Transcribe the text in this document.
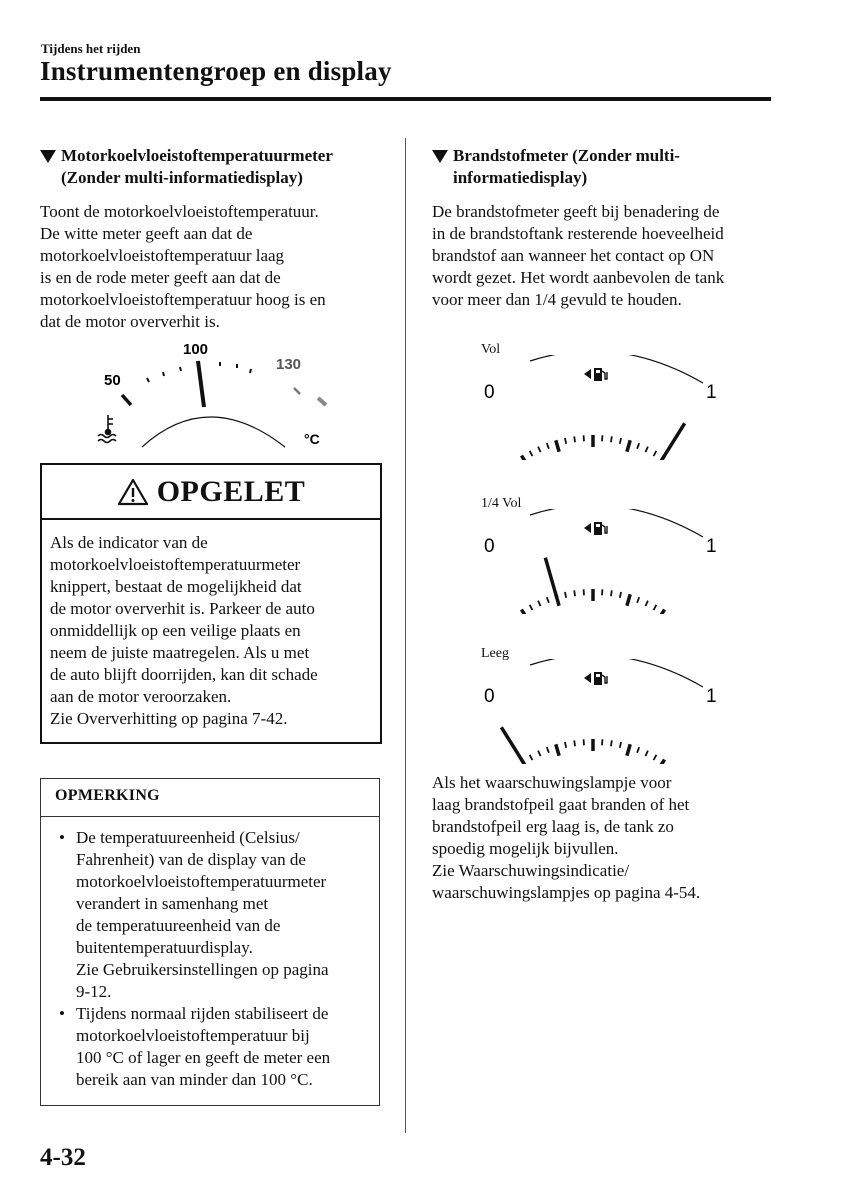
Tijdens het rijden
Instrumentengroep en display
Motorkoelvloeistoftemperatuurmeter
(Zonder multi-informatiedisplay)
Toont de motorkoelvloeistoftemperatuur.
De witte meter geeft aan dat de
motorkoelvloeistoftemperatuur laag
is en de rode meter geeft aan dat de
motorkoelvloeistoftemperatuur hoog is en
dat de motor oververhit is.
50
100
130
°C
OPGELET
Als de indicator van de
motorkoelvloeistoftemperatuurmeter
knippert, bestaat de mogelijkheid dat
de motor oververhit is. Parkeer de auto
onmiddellijk op een veilige plaats en
neem de juiste maatregelen. Als u met
de auto blijft doorrijden, kan dit schade
aan de motor veroorzaken.
Zie Oververhitting op pagina 7-42.
OPMERKING
• De temperatuureenheid (Celsius/
Fahrenheit) van de display van de
motorkoelvloeistoftemperatuurmeter
verandert in samenhang met
de temperatuureenheid van de
buitentemperatuurdisplay.
Zie Gebruikersinstellingen op pagina
9-12.
• Tijdens normaal rijden stabiliseert de
motorkoelvloeistoftemperatuur bij
100 °C of lager en geeft de meter een
bereik aan van minder dan 100 °C.
Brandstofmeter (Zonder multi-
informatiedisplay)
De brandstofmeter geeft bij benadering de
in de brandstoftank resterende hoeveelheid
brandstof aan wanneer het contact op ON
wordt gezet. Het wordt aanbevolen de tank
voor meer dan 1/4 gevuld te houden.
Vol
0	1
1/4 Vol
0	1
Leeg
0	1
Als het waarschuwingslampje voor
laag brandstofpeil gaat branden of het
brandstofpeil erg laag is, de tank zo
spoedig mogelijk bijvullen.
Zie Waarschuwingsindicatie/
waarschuwingslampjes op pagina 4-54.
4-32
